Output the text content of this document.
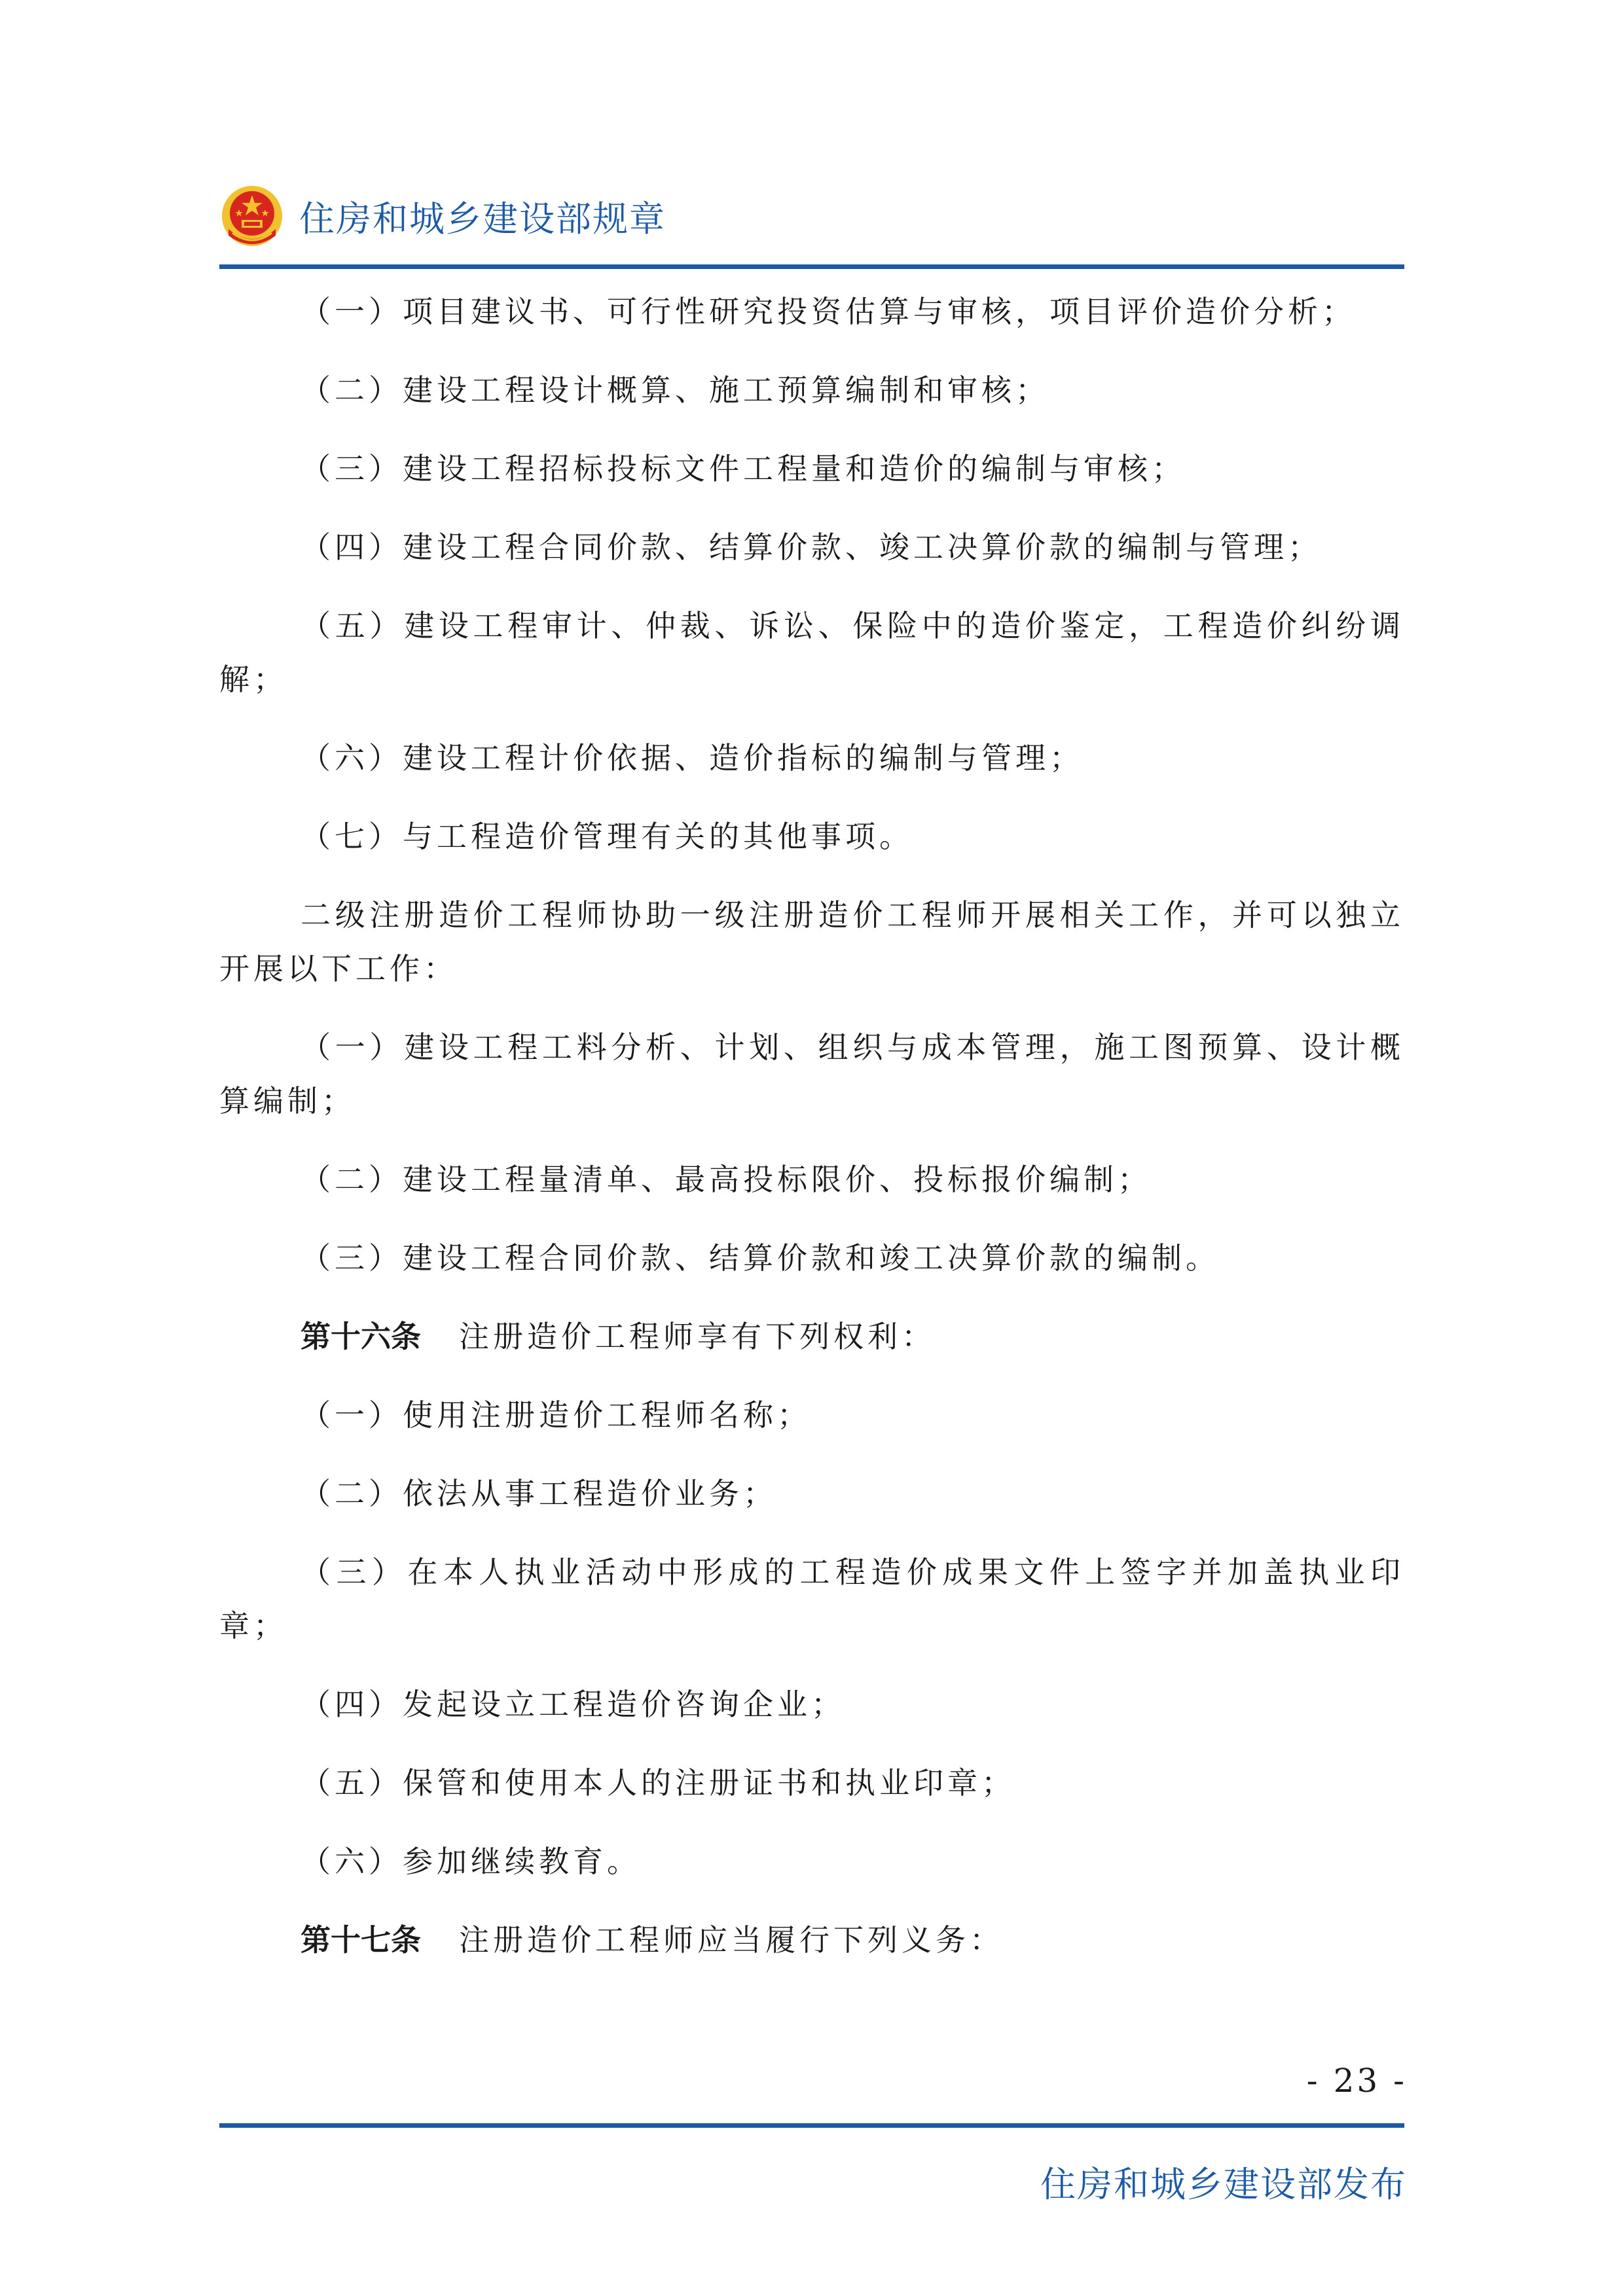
住房和城乡建设部规章

（一）项目建议书、可行性研究投资估算与审核，项目评价造价分析；

（二）建设工程设计概算、施工预算编制和审核；

（三）建设工程招标投标文件工程量和造价的编制与审核；

（四）建设工程合同价款、结算价款、竣工决算价款的编制与管理；

（五）建设工程审计、仲裁、诉讼、保险中的造价鉴定，工程造价纠纷调解；

（六）建设工程计价依据、造价指标的编制与管理；

（七）与工程造价管理有关的其他事项。

二级注册造价工程师协助一级注册造价工程师开展相关工作，并可以独立开展以下工作：

（一）建设工程工料分析、计划、组织与成本管理，施工图预算、设计概算编制；

（二）建设工程量清单、最高投标限价、投标报价编制；

（三）建设工程合同价款、结算价款和竣工决算价款的编制。

第十六条 注册造价工程师享有下列权利：

（一）使用注册造价工程师名称；

（二）依法从事工程造价业务；

（三）在本人执业活动中形成的工程造价成果文件上签字并加盖执业印章；

（四）发起设立工程造价咨询企业；

（五）保管和使用本人的注册证书和执业印章；

（六）参加继续教育。

第十七条 注册造价工程师应当履行下列义务：

- 23 -
住房和城乡建设部发布
